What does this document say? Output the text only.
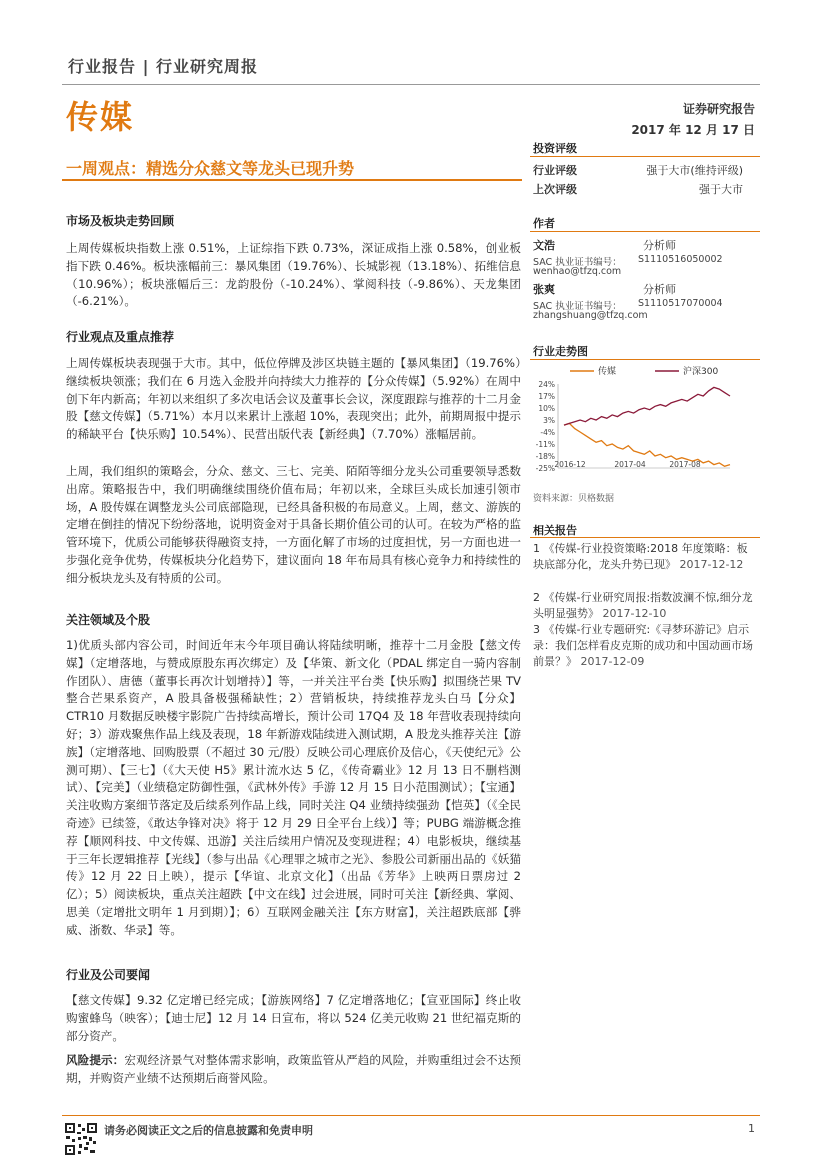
行业报告 | 行业研究周报
传媒	证券研究报告
2017 年 12 月 17 日
一周观点：精选分众慈文等龙头已现升势
市场及板块走势回顾
上周传媒板块指数上涨 0.51%，上证综指下跌 0.73%，深证成指上涨 0.58%，创业板指下跌 0.46%。板块涨幅前三：暴风集团（19.76%）、长城影视（13.18%）、拓维信息（10.96%）；板块涨幅后三：龙韵股份（-10.24%）、掌阅科技（-9.86%）、天龙集团（-6.21%）。
行业观点及重点推荐
上周传媒板块表现强于大市。其中，低位停牌及涉区块链主题的【暴风集团】（19.76%）继续板块领涨；我们在 6 月选入金股并向持续大力推荐的【分众传媒】（5.92%）在周中创下年内新高；年初以来组织了多次电话会议及董事长会议，深度跟踪与推荐的十二月金股【慈文传媒】（5.71%）本月以来累计上涨超 10%，表现突出；此外，前期周报中提示的稀缺平台【快乐购】10.54%）、民营出版代表【新经典】（7.70%）涨幅居前。
上周，我们组织的策略会，分众、慈文、三七、完美、陌陌等细分龙头公司重要领导悉数出席。策略报告中，我们明确继续围绕价值布局；年初以来，全球巨头成长加速引领市场，A 股传媒在调整龙头公司底部隐现，已经具备积极的布局意义。上周，慈文、游族的定增在倒挂的情况下纷纷落地，说明资金对于具备长期价值公司的认可。在较为严格的监管环境下，优质公司能够获得融资支持，一方面化解了市场的过度担忧，另一方面也进一步强化竞争优势，传媒板块分化趋势下，建议面向 18 年布局具有核心竞争力和持续性的细分板块龙头及有特质的公司。
关注领域及个股
1)优质头部内容公司，时间近年末今年项目确认将陆续明晰，推荐十二月金股【慈文传媒】（定增落地，与赞成原股东再次绑定）及【华策、新文化（PDAL 绑定自一骑内容制作团队）、唐德（董事长再次计划增持）】等，一并关注平台类【快乐购】拟围绕芒果 TV 整合芒果系资产，A 股具备极强稀缺性；2）营销板块，持续推荐龙头白马【分众】CTR10 月数据反映楼宇影院广告持续高增长，预计公司 17Q4 及 18 年营收表现持续向好；3）游戏聚焦作品上线及表现，18 年新游戏陆续进入测试期，A 股龙头推荐关注【游族】（定增落地、回购股票（不超过 30 元/股）反映公司心理底价及信心，《天使纪元》公测可期）、【三七】（《大天使 H5》累计流水达 5 亿，《传奇霸业》12 月 13 日不删档测试）、【完美】（业绩稳定防御性强，《武林外传》手游 12 月 15 日小范围测试）；【宝通】关注收购方案细节落定及后续系列作品上线，同时关注 Q4 业绩持续强劲【恺英】（《全民奇迹》已续签，《敢达争锋对决》将于 12 月 29 日全平台上线）】等；PUBG 端游概念推荐【顺网科技、中文传媒、迅游】关注后续用户情况及变现进程；4）电影板块，继续基于三年长逻辑推荐【光线】（参与出品《心理罪之城市之光》、参股公司新丽出品的《妖猫传》12 月 22 日上映），提示【华谊、北京文化】（出品《芳华》上映两日票房过 2 亿）；5）阅读板块，重点关注超跌【中文在线】过会进展，同时可关注【新经典、掌阅、思美（定增批文明年 1 月到期）】；6）互联网金融关注【东方财富】，关注超跌底部【骅威、浙数、华录】等。
行业及公司要闻
【慈文传媒】9.32 亿定增已经完成；【游族网络】7 亿定增落地亿；【宣亚国际】终止收购蜜蜂鸟（映客）；【迪士尼】12 月 14 日宣布，将以 524 亿美元收购 21 世纪福克斯的部分资产。
风险提示：宏观经济景气对整体需求影响，政策监管从严趋的风险，并购重组过会不达预期，并购资产业绩不达预期后商誉风险。
投资评级
行业评级	强于大市(维持评级)
上次评级	强于大市
作者
文浩	分析师
SAC 执业证书编号： S1110516050002
wenhao@tfzq.com
张爽	分析师
SAC 执业证书编号： S1110517070004
zhangshuang@tfzq.com
行业走势图
传媒	沪深300
24%
17%
10%
3%
-4%
-11%
-18%
-25% 2016-12	2017-04	2017-08
资料来源：贝格数据
相关报告
1 《传媒-行业投资策略:2018 年度策略：板块底部分化，龙头升势已现》 2017-12-12
2 《传媒-行业研究周报:指数波澜不惊,细分龙头明显强势》 2017-12-10
3 《传媒-行业专题研究:《寻梦环游记》启示录：我们怎样看皮克斯的成功和中国动画市场前景？》 2017-12-09
请务必阅读正文之后的信息披露和免责申明	1
